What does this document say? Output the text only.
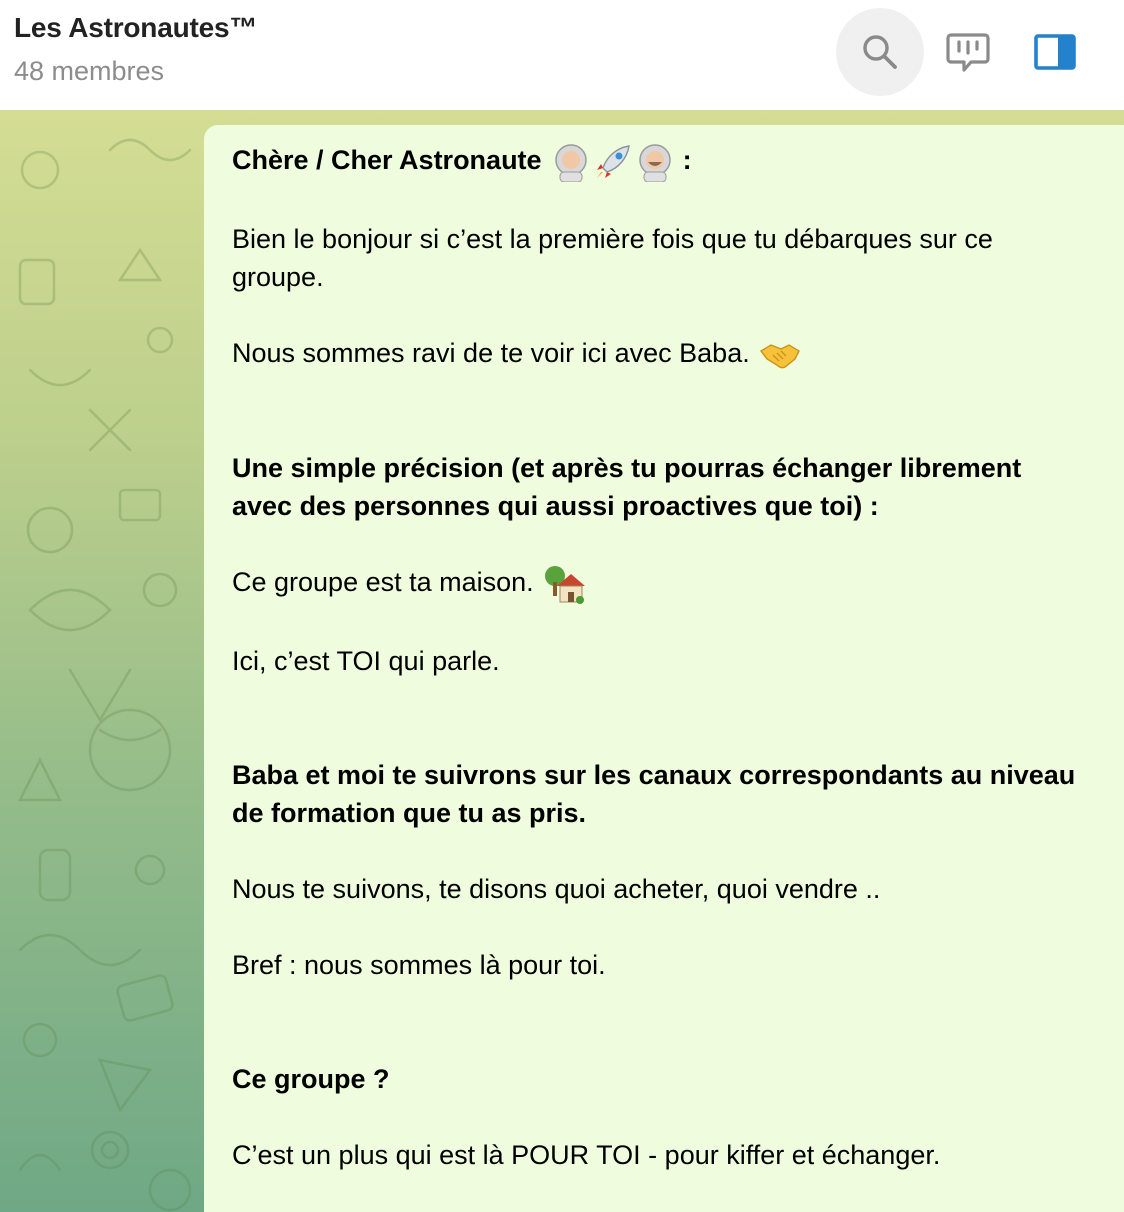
Les Astronautes™
48 membres

Chère / Cher Astronaute	:

Bien le bonjour si c’est la première fois que tu débarques sur ce

groupe.

Nous sommes ravi de te voir ici avec Baba.

Une simple précision (et après tu pourras échanger librement

avec des personnes qui aussi proactives que toi) :

Ce groupe est ta maison.

Ici, c’est TOI qui parle.

Baba et moi te suivrons sur les canaux correspondants au niveau

de formation que tu as pris.

Nous te suivons, te disons quoi acheter, quoi vendre ..

Bref : nous sommes là pour toi.

Ce groupe ?

C’est un plus qui est là POUR TOI - pour kiffer et échanger.
